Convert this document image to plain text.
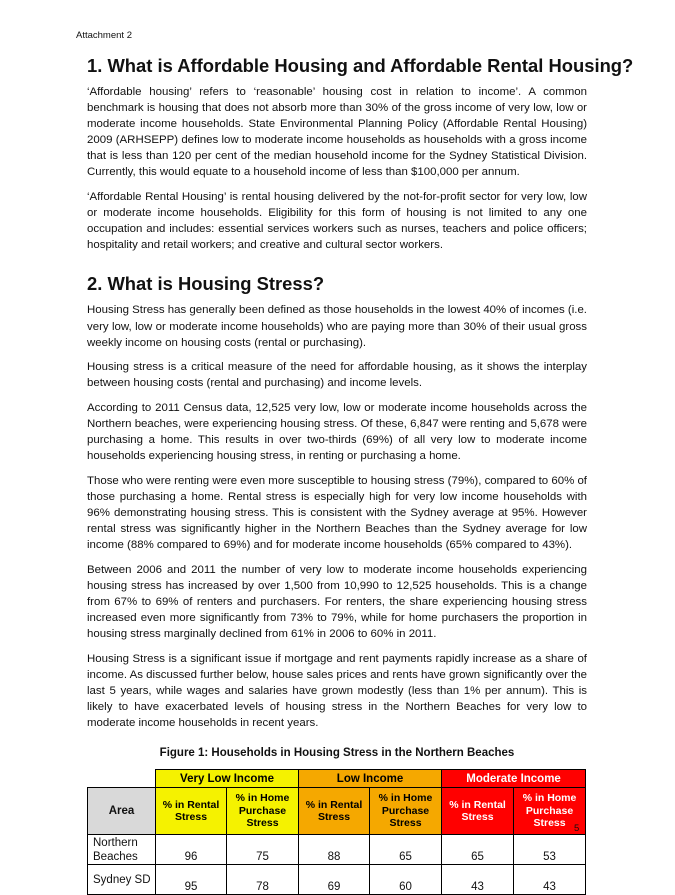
Attachment 2
1. What is Affordable Housing and Affordable Rental Housing?

‘Affordable housing’ refers to ‘reasonable’ housing cost in relation to income’. A common benchmark is housing that does not absorb more than 30% of the gross income of very low, low or moderate income households. State Environmental Planning Policy (Affordable Rental Housing) 2009 (ARHSEPP) defines low to moderate income households as households with a gross income that is less than 120 per cent of the median household income for the Sydney Statistical Division. Currently, this would equate to a household income of less than $100,000 per annum.

‘Affordable Rental Housing’ is rental housing delivered by the not-for-profit sector for very low, low or moderate income households. Eligibility for this form of housing is not limited to any one occupation and includes: essential services workers such as nurses, teachers and police officers; hospitality and retail workers; and creative and cultural sector workers.

2. What is Housing Stress?

Housing Stress has generally been defined as those households in the lowest 40% of incomes (i.e. very low, low or moderate income households) who are paying more than 30% of their usual gross weekly income on housing costs (rental or purchasing).

Housing stress is a critical measure of the need for affordable housing, as it shows the interplay between housing costs (rental and purchasing) and income levels.

According to 2011 Census data, 12,525 very low, low or moderate income households across the Northern beaches, were experiencing housing stress. Of these, 6,847 were renting and 5,678 were purchasing a home. This results in over two-thirds (69%) of all very low to moderate income households experiencing housing stress, in renting or purchasing a home.

Those who were renting were even more susceptible to housing stress (79%), compared to 60% of those purchasing a home. Rental stress is especially high for very low income households with 96% demonstrating housing stress. This is consistent with the Sydney average at 95%. However rental stress was significantly higher in the Northern Beaches than the Sydney average for low income (88% compared to 69%) and for moderate income households (65% compared to 43%).

Between 2006 and 2011 the number of very low to moderate income households experiencing housing stress has increased by over 1,500 from 10,990 to 12,525 households. This is a change from 67% to 69% of renters and purchasers. For renters, the share experiencing housing stress increased even more significantly from 73% to 79%, while for home purchasers the proportion in housing stress marginally declined from 61% in 2006 to 60% in 2011.

Housing Stress is a significant issue if mortgage and rent payments rapidly increase as a share of income. As discussed further below, house sales prices and rents have grown significantly over the last 5 years, while wages and salaries have grown modestly (less than 1% per annum). This is likely to have exacerbated levels of housing stress in the Northern Beaches for very low to moderate income households in recent years.

Figure 1: Households in Housing Stress in the Northern Beaches
	Very Low Income		Low Income		Moderate Income	
Area	% in Rental Stress	% in Home Purchase Stress	% in Rental Stress	% in Home Purchase Stress	% in Rental Stress	% in Home Purchase Stress
Northern Beaches	96	75	88	65	65	53
Sydney SD	95	78	69	60	43	43
5
